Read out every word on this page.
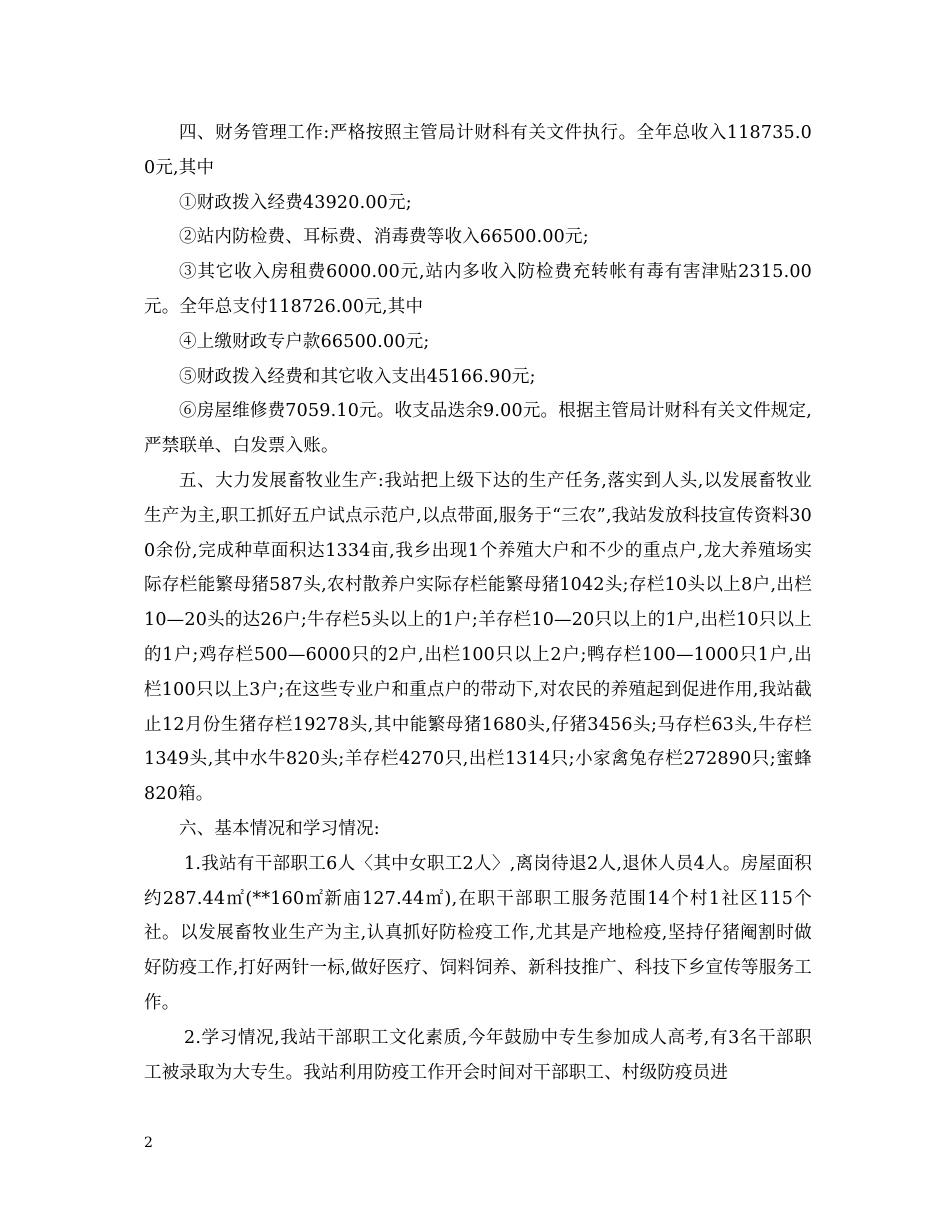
四、财务管理工作:严格按照主管局计财科有关文件执行。全年总收入118735.00元,其中

①财政拨入经费43920.00元;

②站内防检费、耳标费、消毒费等收入66500.00元;

③其它收入房租费6000.00元,站内多收入防检费充转帐有毒有害津贴2315.00元。全年总支付118726.00元,其中

④上缴财政专户款66500.00元;

⑤财政拨入经费和其它收入支出45166.90元;

⑥房屋维修费7059.10元。收支品迭余9.00元。根据主管局计财科有关文件规定,严禁联单、白发票入账。

五、大力发展畜牧业生产:我站把上级下达的生产任务,落实到人头,以发展畜牧业生产为主,职工抓好五户试点示范户,以点带面,服务于“三农”,我站发放科技宣传资料300余份,完成种草面积达1334亩,我乡出现1个养殖大户和不少的重点户,龙大养殖场实际存栏能繁母猪587头,农村散养户实际存栏能繁母猪1042头;存栏10头以上8户,出栏10—20头的达26户;牛存栏5头以上的1户;羊存栏10—20只以上的1户,出栏10只以上的1户;鸡存栏500—6000只的2户,出栏100只以上2户;鸭存栏100—1000只1户,出栏100只以上3户;在这些专业户和重点户的带动下,对农民的养殖起到促进作用,我站截止12月份生猪存栏19278头,其中能繁母猪1680头,仔猪3456头;马存栏63头,牛存栏1349头,其中水牛820头;羊存栏4270只,出栏1314只;小家禽兔存栏272890只;蜜蜂820箱。

六、基本情况和学习情况:

1.我站有干部职工6人〈其中女职工2人〉,离岗待退2人,退休人员4人。房屋面积约287.44㎡(**160㎡新庙127.44㎡),在职干部职工服务范围14个村1社区115个社。以发展畜牧业生产为主,认真抓好防检疫工作,尤其是产地检疫,坚持仔猪阉割时做好防疫工作,打好两针一标,做好医疗、饲料饲养、新科技推广、科技下乡宣传等服务工作。

2.学习情况,我站干部职工文化素质,今年鼓励中专生参加成人高考,有3名干部职工被录取为大专生。我站利用防疫工作开会时间对干部职工、村级防疫员进

2
